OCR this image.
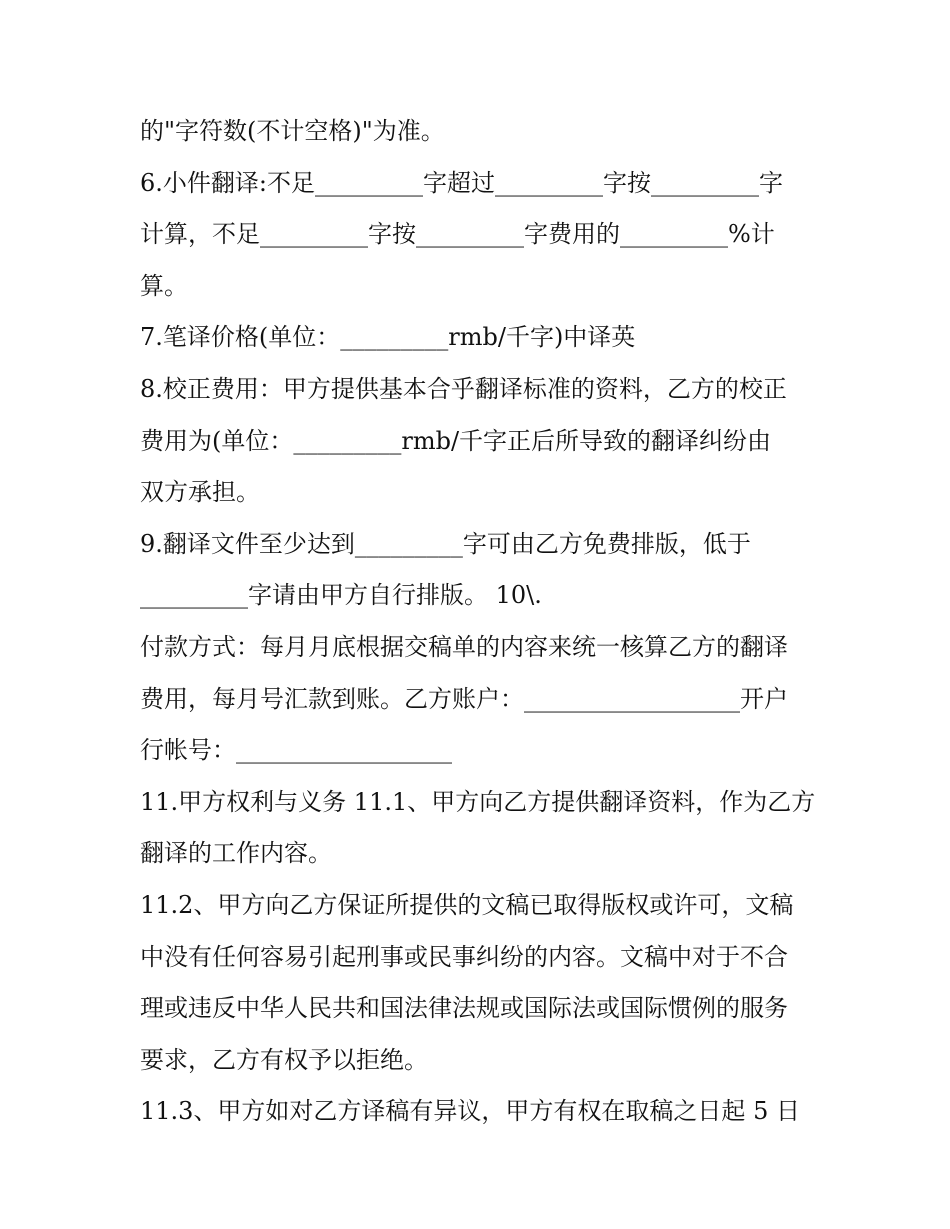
的"字符数(不计空格)"为准。
6.小件翻译:不足_________字超过_________字按_________字
计算，不足_________字按_________字费用的_________%计
算。
7.笔译价格(单位：_________rmb/千字)中译英
8.校正费用：甲方提供基本合乎翻译标准的资料，乙方的校正
费用为(单位：_________rmb/千字正后所导致的翻译纠纷由
双方承担。
9.翻译文件至少达到_________字可由乙方免费排版，低于
_________字请由甲方自行排版。 10\.
付款方式：每月月底根据交稿单的内容来统一核算乙方的翻译
费用，每月号汇款到账。乙方账户：__________________开户
行帐号：__________________
11.甲方权利与义务 11.1、甲方向乙方提供翻译资料，作为乙方
翻译的工作内容。
11.2、甲方向乙方保证所提供的文稿已取得版权或许可，文稿
中没有任何容易引起刑事或民事纠纷的内容。文稿中对于不合
理或违反中华人民共和国法律法规或国际法或国际惯例的服务
要求，乙方有权予以拒绝。
11.3、甲方如对乙方译稿有异议，甲方有权在取稿之日起 5 日
